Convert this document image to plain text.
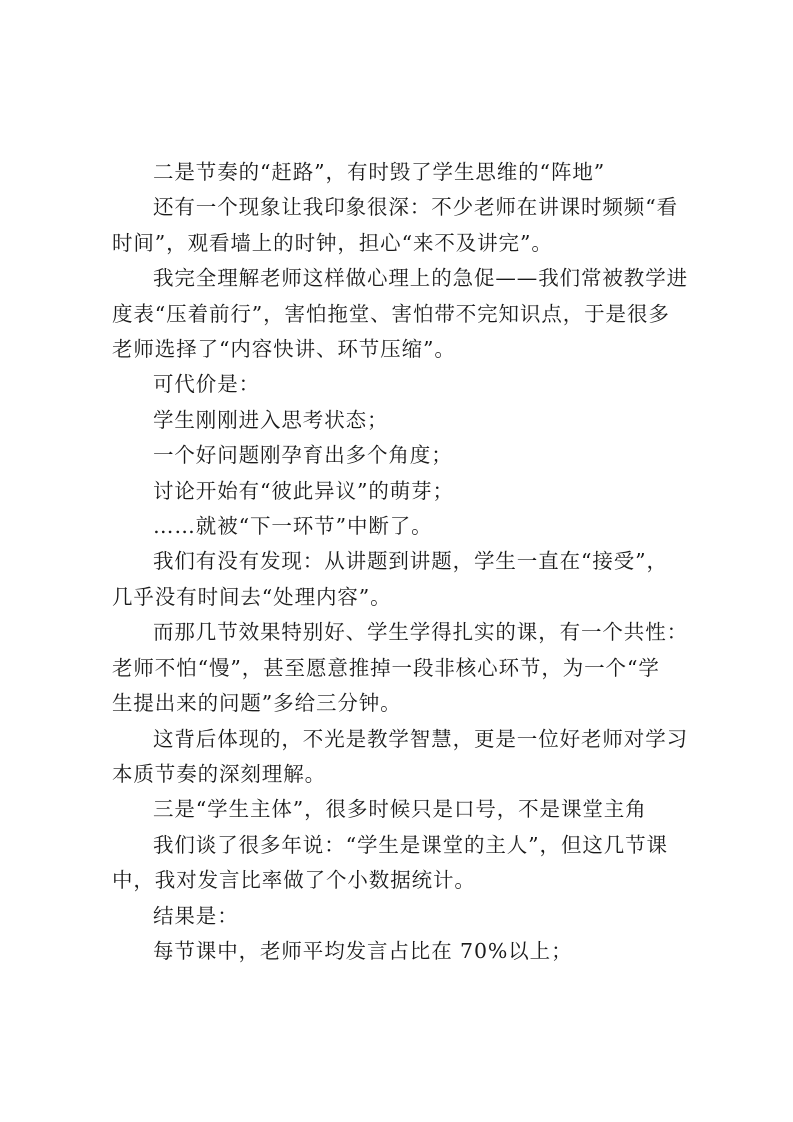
二是节奏的“赶路”，有时毁了学生思维的“阵地”

还有一个现象让我印象很深：不少老师在讲课时频频“看
时间”，观看墙上的时钟，担心“来不及讲完”。

我完全理解老师这样做心理上的急促——我们常被教学进
度表“压着前行”，害怕拖堂、害怕带不完知识点，于是很多
老师选择了“内容快讲、环节压缩”。

可代价是：

学生刚刚进入思考状态；

一个好问题刚孕育出多个角度；

讨论开始有“彼此异议”的萌芽；

……就被“下一环节”中断了。

我们有没有发现：从讲题到讲题，学生一直在“接受”，
几乎没有时间去“处理内容”。

而那几节效果特别好、学生学得扎实的课，有一个共性：
老师不怕“慢”，甚至愿意推掉一段非核心环节，为一个“学
生提出来的问题”多给三分钟。

这背后体现的，不光是教学智慧，更是一位好老师对学习
本质节奏的深刻理解。

三是“学生主体”，很多时候只是口号，不是课堂主角

我们谈了很多年说：“学生是课堂的主人”，但这几节课
中，我对发言比率做了个小数据统计。

结果是：

每节课中，老师平均发言占比在 70%以上；
